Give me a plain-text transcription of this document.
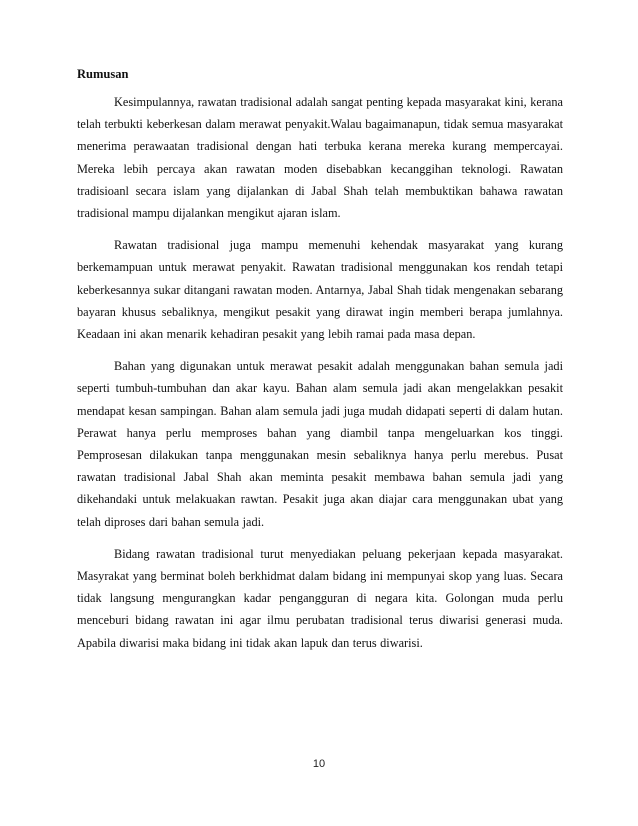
Rumusan

Kesimpulannya, rawatan tradisional adalah sangat penting kepada masyarakat kini, kerana telah terbukti keberkesan dalam merawat penyakit.Walau bagaimanapun, tidak semua masyarakat menerima perawaatan tradisional dengan hati terbuka kerana mereka kurang mempercayai. Mereka lebih percaya akan rawatan moden disebabkan kecanggihan teknologi. Rawatan tradisioanl secara islam yang dijalankan di Jabal Shah telah membuktikan bahawa rawatan tradisional mampu dijalankan mengikut ajaran islam.

Rawatan tradisional juga mampu memenuhi kehendak masyarakat yang kurang berkemampuan untuk merawat penyakit. Rawatan tradisional menggunakan kos rendah tetapi keberkesannya sukar ditangani rawatan moden. Antarnya, Jabal Shah tidak mengenakan sebarang bayaran khusus sebaliknya, mengikut pesakit yang dirawat ingin memberi berapa jumlahnya. Keadaan ini akan menarik kehadiran pesakit yang lebih ramai pada masa depan.

Bahan yang digunakan untuk merawat pesakit adalah menggunakan bahan semula jadi seperti tumbuh-tumbuhan dan akar kayu. Bahan alam semula jadi akan mengelakkan pesakit mendapat kesan sampingan. Bahan alam semula jadi juga mudah didapati seperti di dalam hutan. Perawat hanya perlu memproses bahan yang diambil tanpa mengeluarkan kos tinggi. Pemprosesan dilakukan tanpa menggunakan mesin sebaliknya hanya perlu merebus. Pusat rawatan tradisional Jabal Shah akan meminta pesakit membawa bahan semula jadi yang dikehandaki untuk melakuakan rawtan. Pesakit juga akan diajar cara menggunakan ubat yang telah diproses dari bahan semula jadi.

Bidang rawatan tradisional turut menyediakan peluang pekerjaan kepada masyarakat. Masyrakat yang berminat boleh berkhidmat dalam bidang ini mempunyai skop yang luas. Secara tidak langsung mengurangkan kadar pengangguran di negara kita. Golongan muda perlu menceburi bidang rawatan ini agar ilmu perubatan tradisional terus diwarisi generasi muda. Apabila diwarisi maka bidang ini tidak akan lapuk dan terus diwarisi.

10
